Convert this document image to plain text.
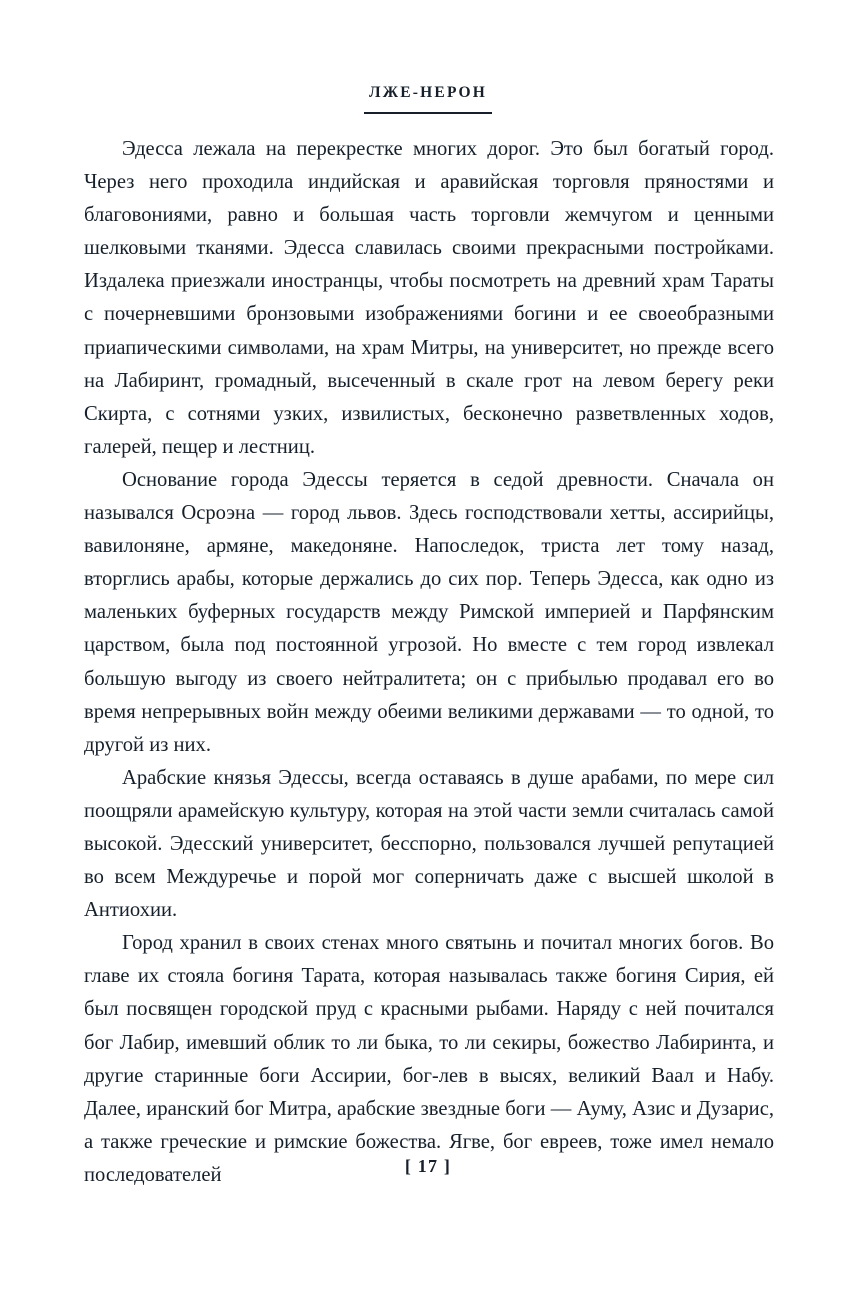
ЛЖЕ-НЕРОН

Эдесса лежала на перекрестке многих дорог. Это был богатый город. Через него проходила индийская и аравийская торговля пряностями и благовониями, равно и большая часть торговли жемчугом и ценными шелковыми тканями. Эдесса славилась своими прекрасными постройками. Издалека приезжали иностранцы, чтобы посмотреть на древний храм Тараты с почерневшими бронзовыми изображениями богини и ее своеобразными приапическими символами, на храм Митры, на университет, но прежде всего на Лабиринт, громадный, высеченный в скале грот на левом берегу реки Скирта, с сотнями узких, извилистых, бесконечно разветвленных ходов, галерей, пещер и лестниц.

Основание города Эдессы теряется в седой древности. Сначала он назывался Осроэна — город львов. Здесь господствовали хетты, ассирийцы, вавилоняне, армяне, македоняне. Напоследок, триста лет тому назад, вторглись арабы, которые держались до сих пор. Теперь Эдесса, как одно из маленьких буферных государств между Римской империей и Парфянским царством, была под постоянной угрозой. Но вместе с тем город извлекал большую выгоду из своего нейтралитета; он с прибылью продавал его во время непрерывных войн между обеими великими державами — то одной, то другой из них.

Арабские князья Эдессы, всегда оставаясь в душе арабами, по мере сил поощряли арамейскую культуру, которая на этой части земли считалась самой высокой. Эдесский университет, бесспорно, пользовался лучшей репутацией во всем Междуречье и порой мог соперничать даже с высшей школой в Антиохии.

Город хранил в своих стенах много святынь и почитал многих богов. Во главе их стояла богиня Тарата, которая называлась также богиня Сирия, ей был посвящен городской пруд с красными рыбами. Наряду с ней почитался бог Лабир, имевший облик то ли быка, то ли секиры, божество Лабиринта, и другие старинные боги Ассирии, бог-лев в высях, великий Ваал и Набу. Далее, иранский бог Митра, арабские звездные боги — Ауму, Азис и Дузарис, а также греческие и римские божества. Ягве, бог евреев, тоже имел немало последователей	[ 17 ]
